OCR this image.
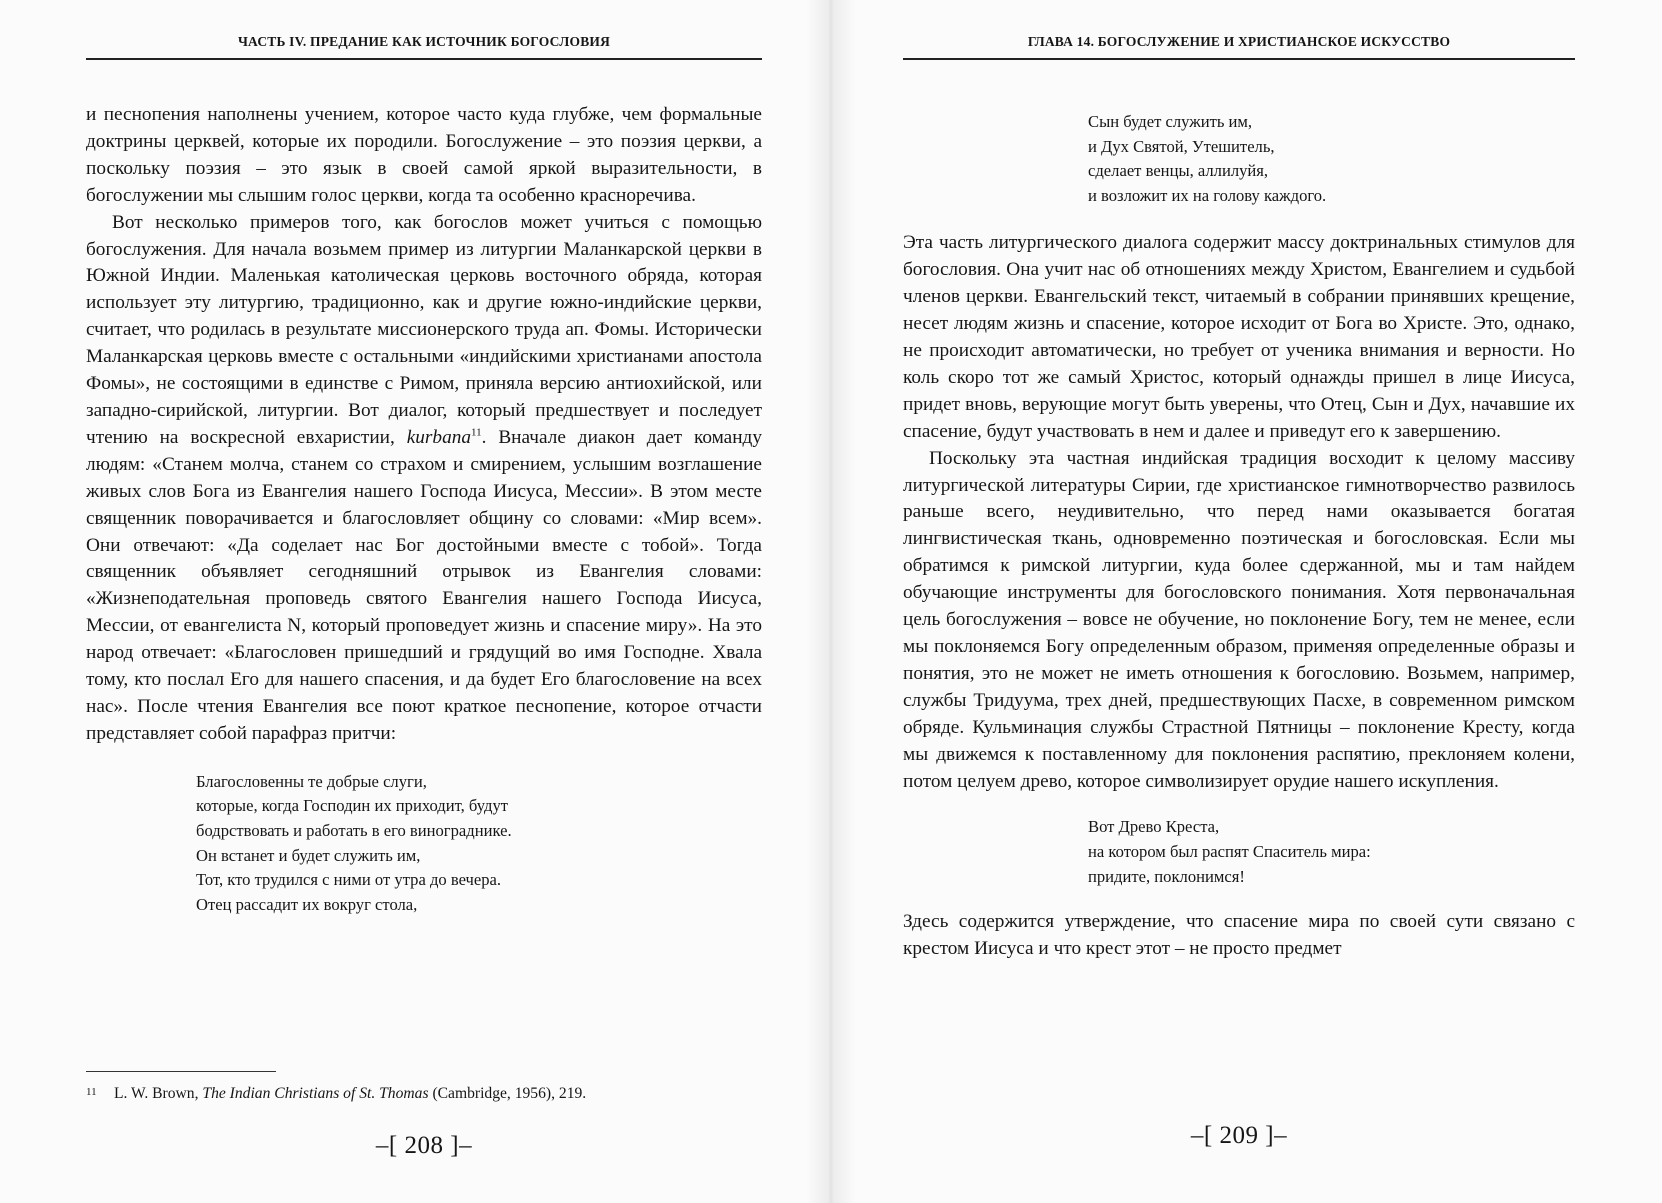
ЧАСТЬ IV. ПРЕДАНИЕ КАК ИСТОЧНИК БОГОСЛОВИЯ

и песнопения наполнены учением, которое часто куда глубже, чем формальные доктрины церквей, которые их породили. Богослужение – это поэзия церкви, а поскольку поэзия – это язык в своей самой яркой выразительности, в богослужении мы слышим голос церкви, когда та особенно красноречива.

Вот несколько примеров того, как богослов может учиться с помощью богослужения. Для начала возьмем пример из литургии Маланкарской церкви в Южной Индии. Маленькая католическая церковь восточного обряда, которая использует эту литургию, традиционно, как и другие южно-индийские церкви, считает, что родилась в результате миссионерского труда ап. Фомы. Исторически Маланкарская церковь вместе с остальными «индийскими христианами апостола Фомы», не состоящими в единстве с Римом, приняла версию антиохийской, или западно-сирийской, литургии. Вот диалог, который предшествует и последует чтению на воскресной евхаристии, kurbana$^{11}$. Вначале диакон дает команду людям: «Станем молча, станем со страхом и смирением, услышим возглашение живых слов Бога из Евангелия нашего Господа Иисуса, Мессии». В этом месте священник поворачивается и благословляет общину со словами: «Мир всем». Они отвечают: «Да соделает нас Бог достойными вместе с тобой». Тогда священник объявляет сегодняшний отрывок из Евангелия словами: «Жизнеподательная проповедь святого Евангелия нашего Господа Иисуса, Мессии, от евангелиста N, который проповедует жизнь и спасение миру». На это народ отвечает: «Благословен пришедший и грядущий во имя Господне. Хвала тому, кто послал Его для нашего спасения, и да будет Его благословение на всех нас». После чтения Евангелия все поют краткое песнопение, которое отчасти представляет собой парафраз притчи:

Благословенны те добрые слуги,
которые, когда Господин их приходит, будут
бодрствовать и работать в его винограднике.
Он встанет и будет служить им,
Тот, кто трудился с ними от утра до вечера.
Отец рассадит их вокруг стола,
11 L. W. Brown, The Indian Christians of St. Thomas (Cambridge, 1956), 219.
–[ 208 ]–
ГЛАВА 14. БОГОСЛУЖЕНИЕ И ХРИСТИАНСКОЕ ИСКУССТВО
Сын будет служить им,
и Дух Святой, Утешитель,
сделает венцы, аллилуйя,
и возложит их на голову каждого.

Эта часть литургического диалога содержит массу доктринальных стимулов для богословия. Она учит нас об отношениях между Христом, Евангелием и судьбой членов церкви. Евангельский текст, читаемый в собрании принявших крещение, несет людям жизнь и спасение, которое исходит от Бога во Христе. Это, однако, не происходит автоматически, но требует от ученика внимания и верности. Но коль скоро тот же самый Христос, который однажды пришел в лице Иисуса, придет вновь, верующие могут быть уверены, что Отец, Сын и Дух, начавшие их спасение, будут участвовать в нем и далее и приведут его к завершению.

Поскольку эта частная индийская традиция восходит к целому массиву литургической литературы Сирии, где христианское гимнотворчество развилось раньше всего, неудивительно, что перед нами оказывается богатая лингвистическая ткань, одновременно поэтическая и богословская. Если мы обратимся к римской литургии, куда более сдержанной, мы и там найдем обучающие инструменты для богословского понимания. Хотя первоначальная цель богослужения – вовсе не обучение, но поклонение Богу, тем не менее, если мы поклоняемся Богу определенным образом, применяя определенные образы и понятия, это не может не иметь отношения к богословию. Возьмем, например, службы Тридуума, трех дней, предшествующих Пасхе, в современном римском обряде. Кульминация службы Страстной Пятницы – поклонение Кресту, когда мы движемся к поставленному для поклонения распятию, преклоняем колени, потом целуем древо, которое символизирует орудие нашего искупления.

Вот Древо Креста,
на котором был распят Спаситель мира:
придите, поклонимся!

Здесь содержится утверждение, что спасение мира по своей сути связано с крестом Иисуса и что крест этот – не просто предмет

–[ 209 ]–
